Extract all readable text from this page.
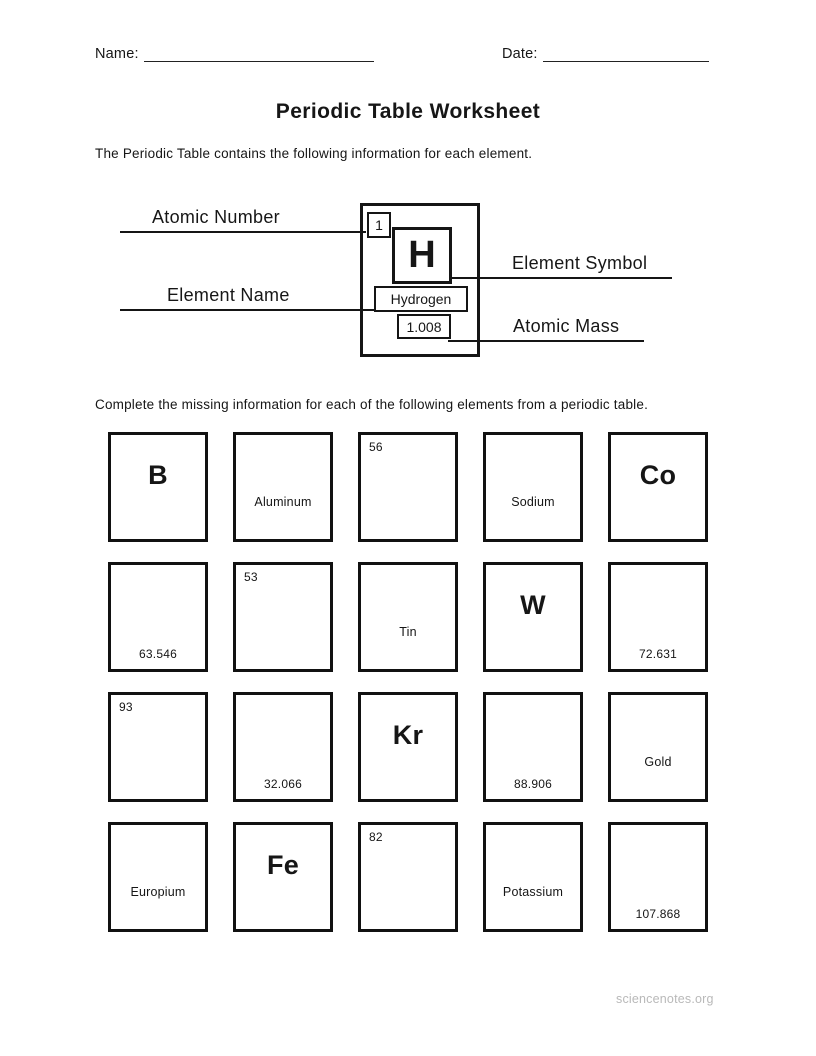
Name:	Date:
Periodic Table Worksheet
The Periodic Table contains the following information for each element.
1
H
Hydrogen
1.008
Atomic Number
Element Symbol
Element Name
Atomic Mass
Complete the missing information for each of the following elements from a periodic table.
B
Aluminum
56
Sodium
Co
63.546
53
Tin
W
72.631
93
32.066
Kr
88.906
Gold
Europium
Fe
82
Potassium
107.868
sciencenotes.org
